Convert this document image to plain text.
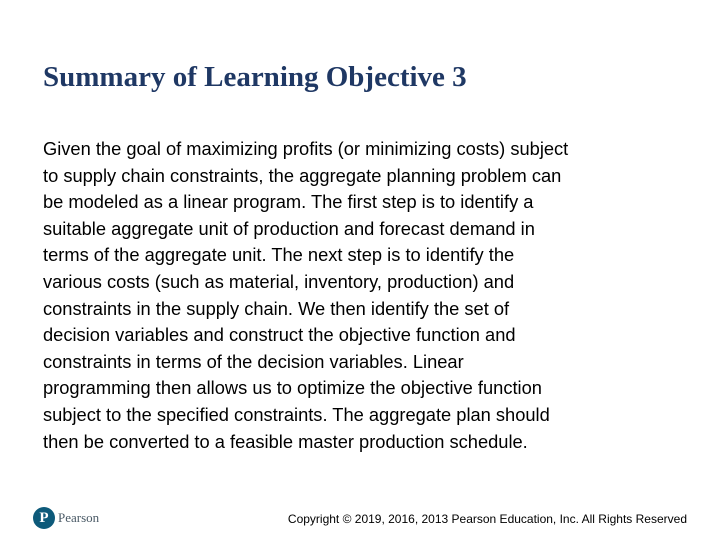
Summary of Learning Objective 3
Given the goal of maximizing profits (or minimizing costs) subject
to supply chain constraints, the aggregate planning problem can
be modeled as a linear program. The first step is to identify a
suitable aggregate unit of production and forecast demand in
terms of the aggregate unit. The next step is to identify the
various costs (such as material, inventory, production) and
constraints in the supply chain. We then identify the set of
decision variables and construct the objective function and
constraints in terms of the decision variables. Linear
programming then allows us to optimize the objective function
subject to the specified constraints. The aggregate plan should
then be converted to a feasible master production schedule.
P
Pearson	Copyright © 2019, 2016, 2013 Pearson Education, Inc. All Rights Reserved
